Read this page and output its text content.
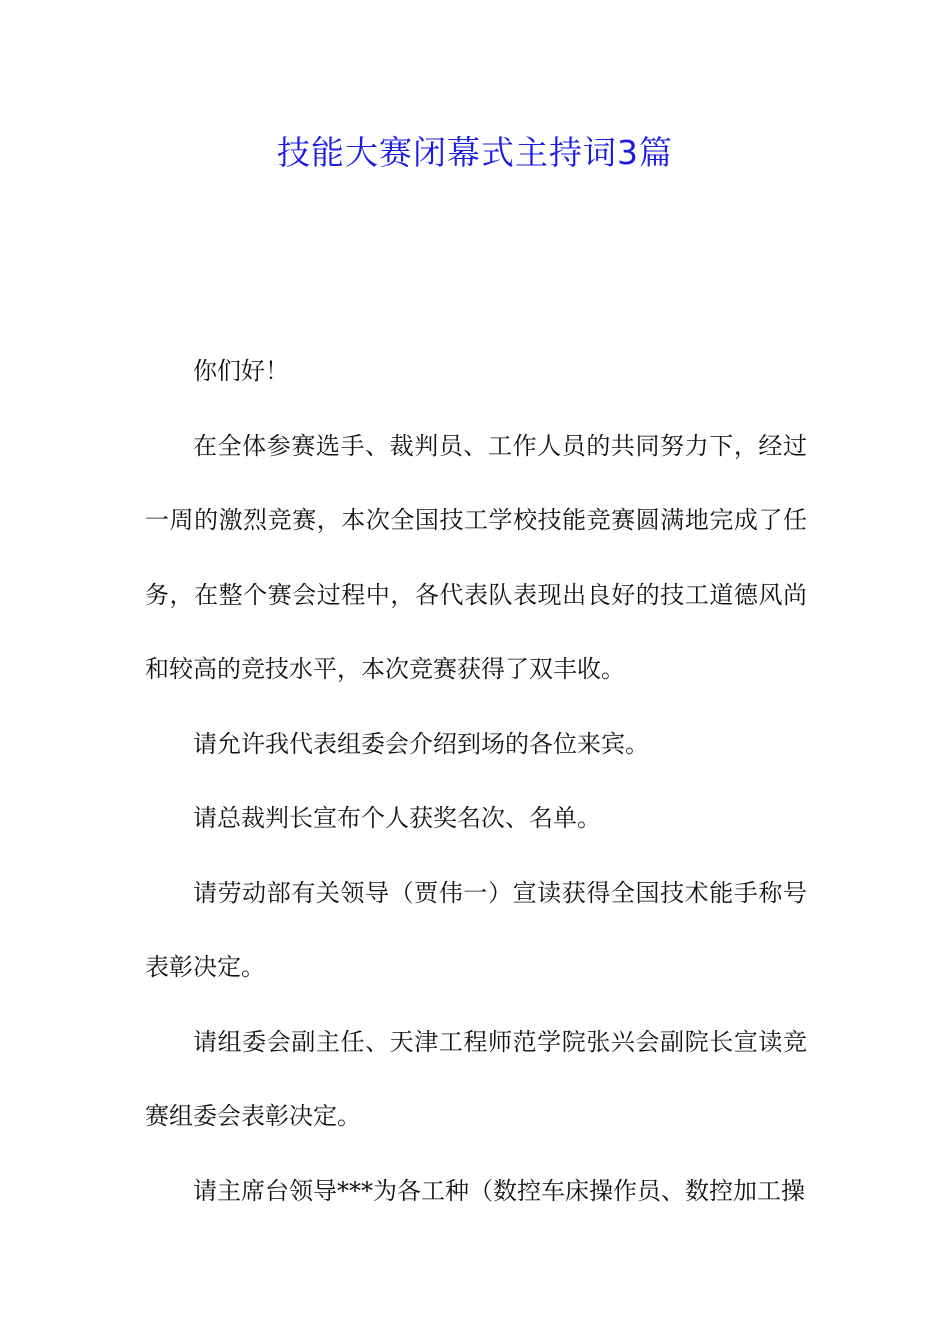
技能大赛闭幕式主持词3篇

你们好！

在全体参赛选手、裁判员、工作人员的共同努力下，经过一周的激烈竞赛，本次全国技工学校技能竞赛圆满地完成了任务，在整个赛会过程中，各代表队表现出良好的技工道德风尚和较高的竞技水平，本次竞赛获得了双丰收。

请允许我代表组委会介绍到场的各位来宾。

请总裁判长宣布个人获奖名次、名单。

请劳动部有关领导（贾伟一）宣读获得全国技术能手称号表彰决定。

请组委会副主任、天津工程师范学院张兴会副院长宣读竞赛组委会表彰决定。

请主席台领导***为各工种（数控车床操作员、数控加工操
